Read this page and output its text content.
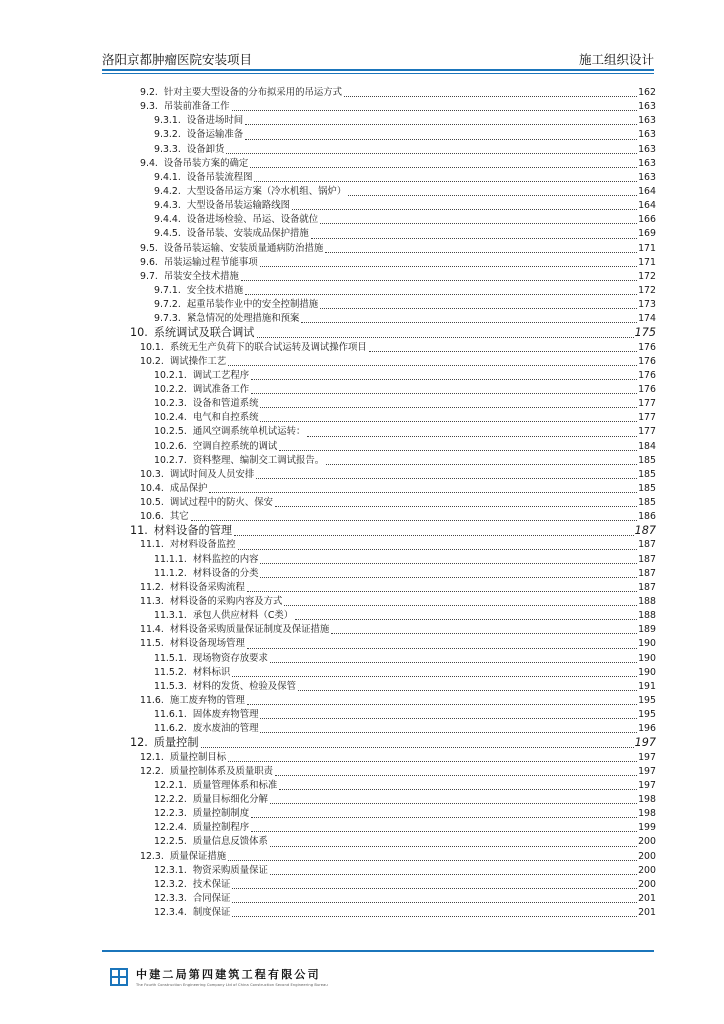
洛阳京都肿瘤医院安装项目	施工组织设计
9.2. 针对主要大型设备的分布拟采用的吊运方式	162
9.3. 吊装前准备工作	163
9.3.1. 设备进场时间	163
9.3.2. 设备运输准备	163
9.3.3. 设备卸货	163
9.4. 设备吊装方案的确定	163
9.4.1. 设备吊装流程图	163
9.4.2. 大型设备吊运方案（冷水机组、锅炉）	164
9.4.3. 大型设备吊装运输路线图	164
9.4.4. 设备进场检验、吊运、设备就位	166
9.4.5. 设备吊装、安装成品保护措施	169
9.5. 设备吊装运输、安装质量通病防治措施	171
9.6. 吊装运输过程节能事项	171
9.7. 吊装安全技术措施	172
9.7.1. 安全技术措施	172
9.7.2. 起重吊装作业中的安全控制措施	173
9.7.3. 紧急情况的处理措施和预案	174
10. 系统调试及联合调试	175
10.1. 系统无生产负荷下的联合试运转及调试操作项目	176
10.2. 调试操作工艺	176
10.2.1. 调试工艺程序	176
10.2.2. 调试准备工作	176
10.2.3. 设备和管道系统	177
10.2.4. 电气和自控系统	177
10.2.5. 通风空调系统单机试运转：	177
10.2.6. 空调自控系统的调试	184
10.2.7. 资料整理、编制交工调试报告。	185
10.3. 调试时间及人员安排	185
10.4. 成品保护	185
10.5. 调试过程中的防火、保安	185
10.6. 其它	186
11. 材料设备的管理	187
11.1. 对材料设备监控	187
11.1.1. 材料监控的内容	187
11.1.2. 材料设备的分类	187
11.2. 材料设备采购流程	187
11.3. 材料设备的采购内容及方式	188
11.3.1. 承包人供应材料（C类）	188
11.4. 材料设备采购质量保证制度及保证措施	189
11.5. 材料设备现场管理	190
11.5.1. 现场物资存放要求	190
11.5.2. 材料标识	190
11.5.3. 材料的发货、检验及保管	191
11.6. 施工废弃物的管理	195
11.6.1. 固体废弃物管理	195
11.6.2. 废水废油的管理	196
12. 质量控制	197
12.1. 质量控制目标	197
12.2. 质量控制体系及质量职责	197
12.2.1. 质量管理体系和标准	197
12.2.2. 质量目标细化分解	198
12.2.3. 质量控制制度	198
12.2.4. 质量控制程序	199
12.2.5. 质量信息反馈体系	200
12.3. 质量保证措施	200
12.3.1. 物资采购质量保证	200
12.3.2. 技术保证	200
12.3.3. 合同保证	201
12.3.4. 制度保证	201
中建二局第四建筑工程有限公司
The Fourth Construction Engineering Company Ltd of China Construction Second Engineering Bureau
